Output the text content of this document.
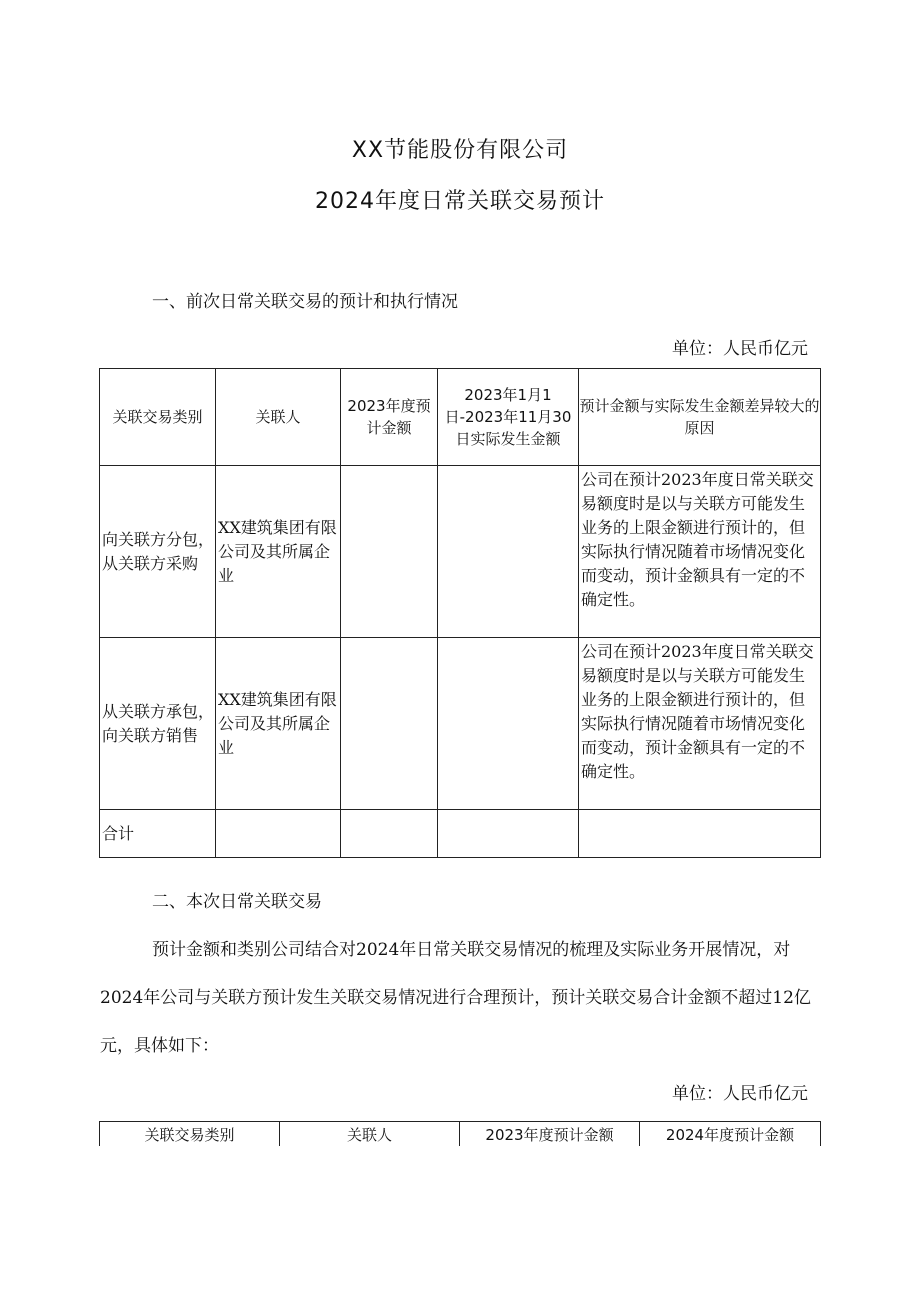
XX节能股份有限公司
2024年度日常关联交易预计
一、前次日常关联交易的预计和执行情况
单位：人民币亿元
关联交易类别	关联人	2023年度预计金额	2023年1月1日-2023年11月30日实际发生金额	预计金额与实际发生金额差异较大的原因
向关联方分包，从关联方采购	XX建筑集团有限公司及其所属企业			公司在预计2023年度日常关联交易额度时是以与关联方可能发生业务的上限金额进行预计的，但实际执行情况随着市场情况变化而变动，预计金额具有一定的不确定性。
从关联方承包，向关联方销售	XX建筑集团有限公司及其所属企业			公司在预计2023年度日常关联交易额度时是以与关联方可能发生业务的上限金额进行预计的，但实际执行情况随着市场情况变化而变动，预计金额具有一定的不确定性。
合计				
二、本次日常关联交易
预计金额和类别公司结合对2024年日常关联交易情况的梳理及实际业务开展情况，对2024年公司与关联方预计发生关联交易情况进行合理预计，预计关联交易合计金额不超过12亿元，具体如下：
单位：人民币亿元
关联交易类别	关联人	2023年度预计金额	2024年度预计金额
